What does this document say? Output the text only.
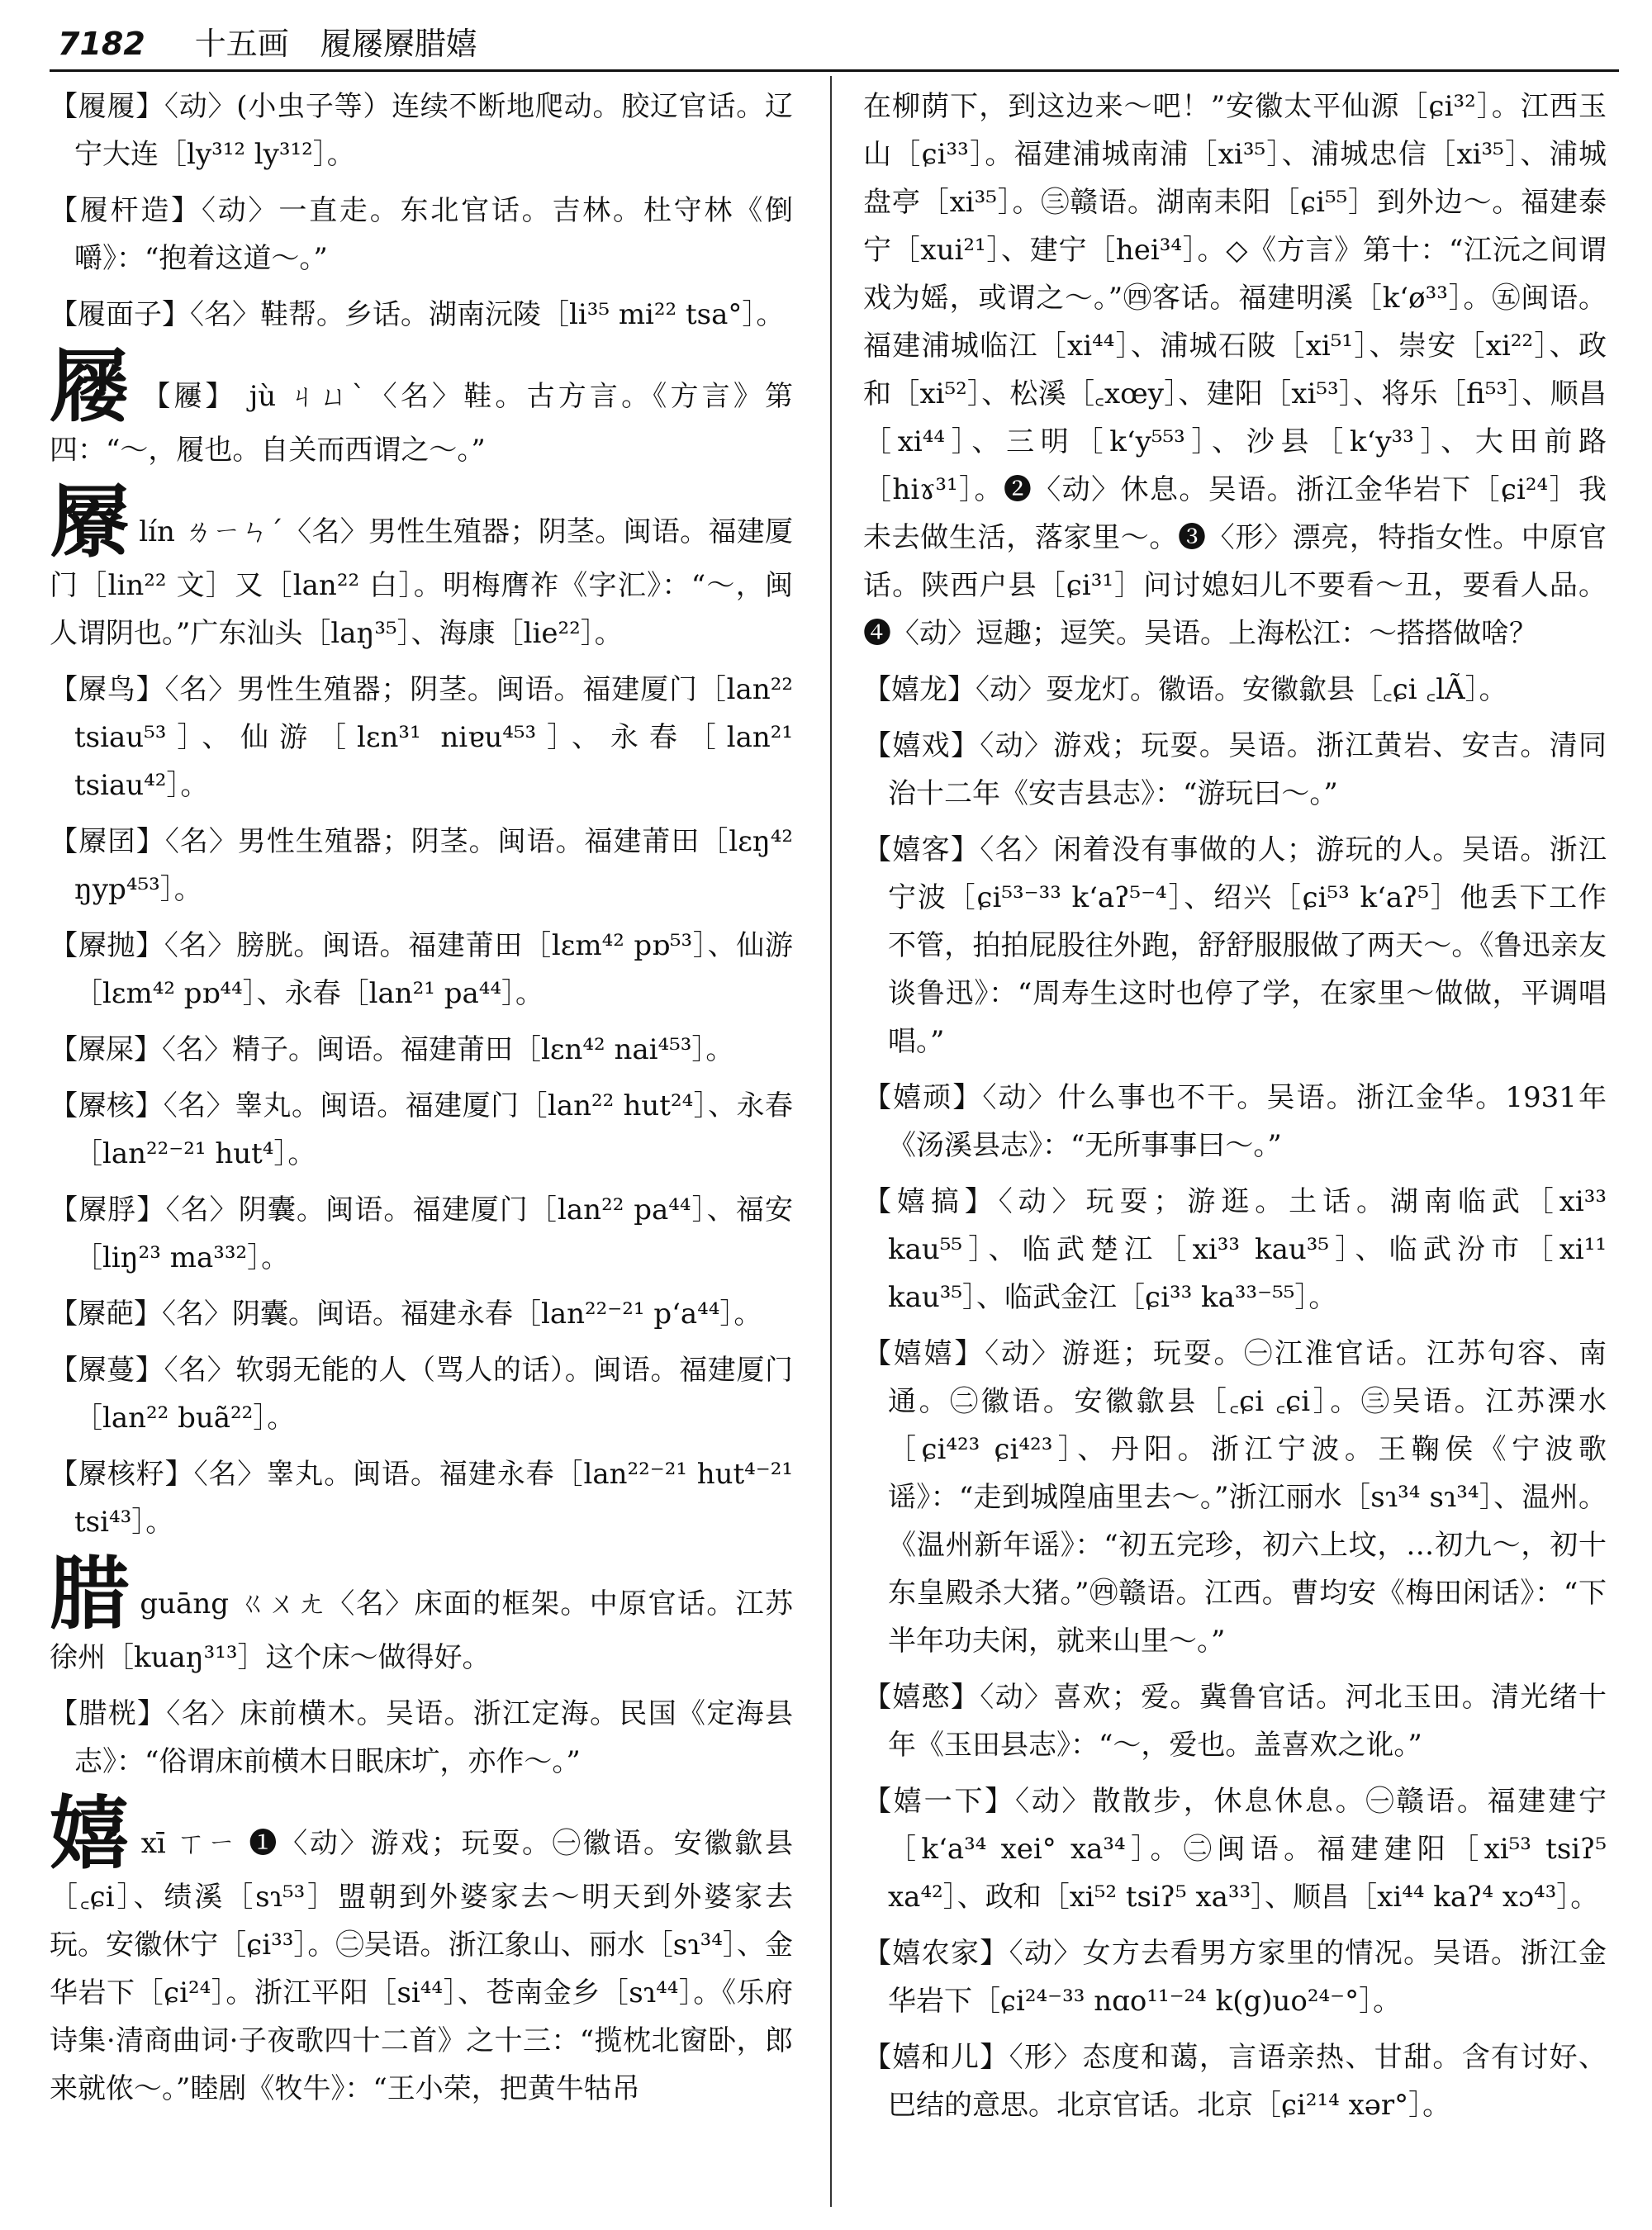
7182 十五画　履屦屪腊嬉

【履履】〈动〉(小虫子等）连续不断地爬动。胶辽官话。辽宁大连［ly³¹² ly³¹²］。

【履杆造】〈动〉一直走。东北官话。吉林。杜守林《倒嚼》：“抱着这道～。”

【履面子】〈名〉鞋帮。乡话。湖南沅陵［li³⁵ mi²² tsa°］。

屦 【屨】 jù ㄐㄩˋ〈名〉鞋。古方言。《方言》第四：“～，履也。自关而西谓之～。”

屪lín ㄌㄧㄣˊ〈名〉男性生殖器；阴茎。闽语。福建厦门［lin²² 文］又［lan²² 白］。明梅膺祚《字汇》：“～，闽人谓阴也。”广东汕头［laŋ³⁵］、海康［lie²²］。

【屪鸟】〈名〉男性生殖器；阴茎。闽语。福建厦门［lan²² tsiau⁵³］、仙游［lɛn³¹ niɐu⁴⁵³］、永春［lan²¹ tsiau⁴²］。

【屪囝】〈名〉男性生殖器；阴茎。闽语。福建莆田［lɛŋ⁴² ŋyp⁴⁵³］。

【屪抛】〈名〉膀胱。闽语。福建莆田［lɛm⁴² pɒ⁵³］、仙游［lɛm⁴² pɒ⁴⁴］、永春［lan²¹ pa⁴⁴］。

【屪屎】〈名〉精子。闽语。福建莆田［lɛn⁴² nai⁴⁵³］。

【屪核】〈名〉睾丸。闽语。福建厦门［lan²² hut²⁴］、永春［lan²²⁻²¹ hut⁴］。

【屪脬】〈名〉阴囊。闽语。福建厦门［lan²² pa⁴⁴］、福安［liŋ²³ ma³³²］。

【屪葩】〈名〉阴囊。闽语。福建永春［lan²²⁻²¹ p‘a⁴⁴］。

【屪蔓】〈名〉软弱无能的人（骂人的话）。闽语。福建厦门［lan²² buã²²］。

【屪核籽】〈名〉睾丸。闽语。福建永春［lan²²⁻²¹ hut⁴⁻²¹ tsi⁴³］。

腊guāng ㄍㄨㄤ〈名〉床面的框架。中原官话。江苏徐州［kuaŋ³¹³］这个床～做得好。

【腊桄】〈名〉床前横木。吴语。浙江定海。民国《定海县志》：“俗谓床前横木日眠床圹，亦作～。”

嬉xī ㄒㄧ ❶〈动〉游戏；玩耍。㊀徽语。安徽歙县［꜀ɕi］、绩溪［sɿ⁵³］盟朝到外婆家去～明天到外婆家去玩。安徽休宁［ɕi³³］。㊁吴语。浙江象山、丽水［sɿ³⁴］、金华岩下［ɕi²⁴］。浙江平阳［si⁴⁴］、苍南金乡［sɿ⁴⁴］。《乐府诗集·清商曲词·子夜歌四十二首》之十三：“揽枕北窗卧，郎来就侬～。”睦剧《牧牛》：“王小荣，把黄牛牯吊

在柳荫下，到这边来～吧！”安徽太平仙源［ɕi³²］。江西玉山［ɕi³³］。福建浦城南浦［xi³⁵］、浦城忠信［xi³⁵］、浦城盘亭［xi³⁵］。㊂赣语。湖南耒阳［ɕi⁵⁵］到外边～。福建泰宁［xui²¹］、建宁［hei³⁴］。◇《方言》第十：“江沅之间谓戏为媱，或谓之～。”㊃客话。福建明溪［k‘ø³³］。㊄闽语。福建浦城临江［xi⁴⁴］、浦城石陂［xi⁵¹］、崇安［xi²²］、政和［xi⁵²］、松溪［꜀xœy］、建阳［xi⁵³］、将乐［fi⁵³］、顺昌［xi⁴⁴］、三明［k‘y⁵⁵³］、沙县［k‘y³³］、大田前路［hiɤ³¹］。❷〈动〉休息。吴语。浙江金华岩下［ɕi²⁴］我未去做生活，落家里～。❸〈形〉漂亮，特指女性。中原官话。陕西户县［ɕi³¹］问讨媳妇儿不要看～丑，要看人品。❹〈动〉逗趣；逗笑。吴语。上海松江：～搭搭做啥？

【嬉龙】〈动〉耍龙灯。徽语。安徽歙县［꜀ɕi ꜀lÃ］。

【嬉戏】〈动〉游戏；玩耍。吴语。浙江黄岩、安吉。清同治十二年《安吉县志》：“游玩曰～。”

【嬉客】〈名〉闲着没有事做的人；游玩的人。吴语。浙江宁波［ɕi⁵³⁻³³ k‘aʔ⁵⁻⁴］、绍兴［ɕi⁵³ k‘aʔ⁵］他丢下工作不管，拍拍屁股往外跑，舒舒服服做了两天～。《鲁迅亲友谈鲁迅》：“周寿生这时也停了学，在家里～做做，平调唱唱。”

【嬉顽】〈动〉什么事也不干。吴语。浙江金华。1931年《汤溪县志》：“无所事事曰～。”

【嬉搞】〈动〉玩耍；游逛。土话。湖南临武［xi³³ kau⁵⁵］、临武楚江［xi³³ kau³⁵］、临武汾市［xi¹¹ kau³⁵］、临武金江［ɕi³³ ka³³⁻⁵⁵］。

【嬉嬉】〈动〉游逛；玩耍。㊀江淮官话。江苏句容、南通。㊁徽语。安徽歙县［꜀ɕi ꜀ɕi］。㊂吴语。江苏溧水［ɕi⁴²³ ɕi⁴²³］、丹阳。浙江宁波。王鞠侯《宁波歌谣》：“走到城隍庙里去～。”浙江丽水［sɿ³⁴ sɿ³⁴］、温州。《温州新年谣》：“初五完珍，初六上坟，…初九～，初十东皇殿杀大猪。”㊃赣语。江西。曹均安《梅田闲话》：“下半年功夫闲，就来山里～。”

【嬉憨】〈动〉喜欢；爱。冀鲁官话。河北玉田。清光绪十年《玉田县志》：“～，爱也。盖喜欢之讹。”

【嬉一下】〈动〉散散步，休息休息。㊀赣语。福建建宁［k‘a³⁴ xei° xa³⁴］。㊁闽语。福建建阳［xi⁵³ tsiʔ⁵ xa⁴²］、政和［xi⁵² tsiʔ⁵ xa³³］、顺昌［xi⁴⁴ kaʔ⁴ xɔ⁴³］。

【嬉农家】〈动〉女方去看男方家里的情况。吴语。浙江金华岩下［ɕi²⁴⁻³³ nɑo¹¹⁻²⁴ k(g)uo²⁴⁻°］。

【嬉和儿】〈形〉态度和蔼，言语亲热、甘甜。含有讨好、巴结的意思。北京官话。北京［ɕi²¹⁴ xər°］。
